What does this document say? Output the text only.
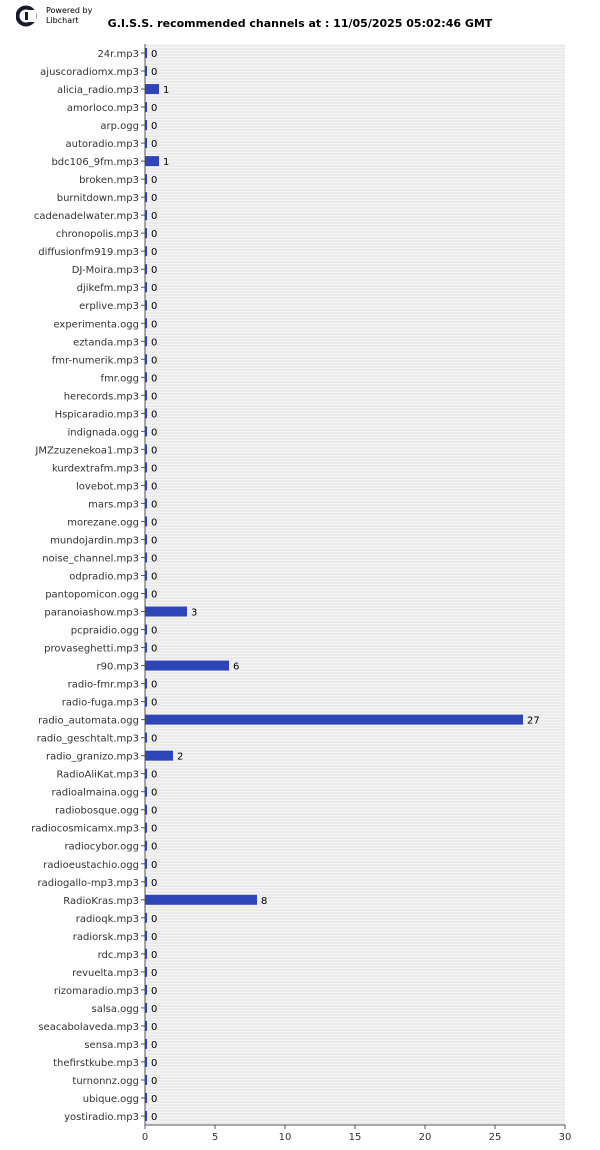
Powered by
Libchart	G.I.S.S. recommended channels at : 11/05/2025 05:02:46 GMT
0	5	10	15	20	25	30
24r.mp3 0
ajuscoradiomx.mp3 0
alicia_radio.mp3 1
amorloco.mp3 0
arp.ogg 0
autoradio.mp3 0
bdc106_9fm.mp3 1
broken.mp3 0
burnitdown.mp3 0
cadenadelwater.mp3 0
chronopolis.mp3 0
diffusionfm919.mp3 0
DJ-Moira.mp3 0
djikefm.mp3 0
erplive.mp3 0
experimenta.ogg 0
eztanda.mp3 0
fmr-numerik.mp3 0
fmr.ogg 0
herecords.mp3 0
Hspicaradio.mp3 0
indignada.ogg 0
JMZzuzenekoa1.mp3 0
kurdextrafm.mp3 0
lovebot.mp3 0
mars.mp3 0
morezane.ogg 0
mundojardin.mp3 0
noise_channel.mp3 0
odpradio.mp3 0
pantopomicon.ogg 0
paranoiashow.mp3	3
pcpraidio.ogg 0
provaseghetti.mp3 0
r90.mp3	6
radio-fmr.mp3 0
radio-fuga.mp3 0
radio_automata.ogg	27
radio_geschtalt.mp3 0
radio_granizo.mp3	2
RadioAliKat.mp3 0
radioalmaina.ogg 0
radiobosque.ogg 0
radiocosmicamx.mp3 0
radiocybor.ogg 0
radioeustachio.ogg 0
radiogallo-mp3.mp3 0
RadioKras.mp3	8
radioqk.mp3 0
radiorsk.mp3 0
rdc.mp3 0
revuelta.mp3 0
rizomaradio.mp3 0
salsa.ogg 0
seacabolaveda.mp3 0
sensa.mp3 0
thefirstkube.mp3 0
turnonnz.ogg 0
ubique.ogg 0
yostiradio.mp3 0
